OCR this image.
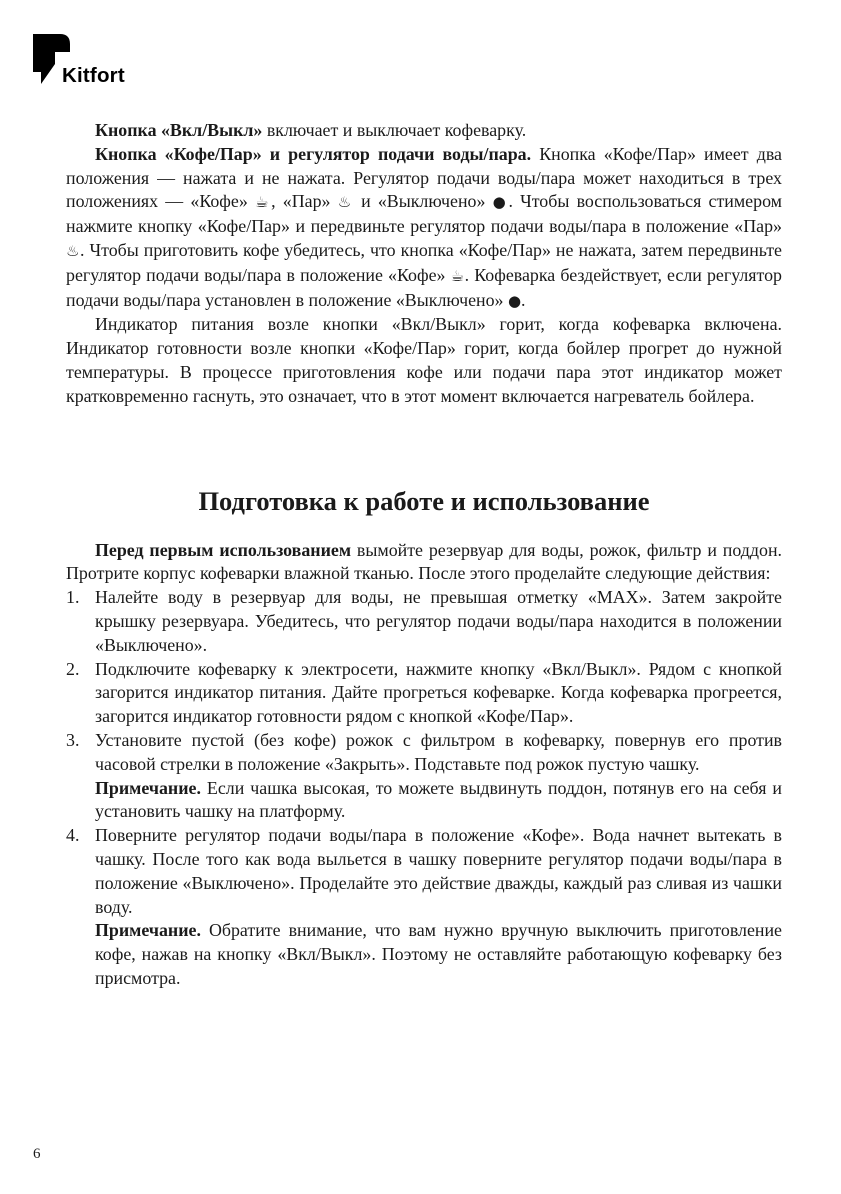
Kitfort

Кнопка «Вкл/Выкл» включает и выключает кофеварку.

Кнопка «Кофе/Пар» и регулятор подачи воды/пара. Кнопка «Кофе/Пар» имеет два положения — нажата и не нажата. Регулятор подачи воды/пара может находиться в трех положениях — «Кофе» ☕, «Пар» ♨ и «Выключено» ●. Чтобы воспользоваться стимером нажмите кнопку «Кофе/Пар» и передвиньте регулятор подачи воды/пара в положение «Пар» ♨. Чтобы приготовить кофе убедитесь, что кнопка «Кофе/Пар» не нажата, затем передвиньте регулятор подачи воды/пара в положение «Кофе» ☕. Кофеварка бездействует, если регулятор подачи воды/пара установлен в положение «Выключено» ●.

Индикатор питания возле кнопки «Вкл/Выкл» горит, когда кофеварка включена. Индикатор готовности возле кнопки «Кофе/Пар» горит, когда бойлер прогрет до нужной температуры. В процессе приготовления кофе или подачи пара этот индикатор может кратковременно гаснуть, это означает, что в этот момент включается нагреватель бойлера.

Подготовка к работе и использование

Перед первым использованием вымойте резервуар для воды, рожок, фильтр и поддон. Протрите корпус кофеварки влажной тканью. После этого проделайте следующие действия:

1. Налейте воду в резервуар для воды, не превышая отметку «MAX». Затем закройте крышку резервуара. Убедитесь, что регулятор подачи воды/пара находится в положении «Выключено».

2. Подключите кофеварку к электросети, нажмите кнопку «Вкл/Выкл». Рядом с кнопкой загорится индикатор питания. Дайте прогреться кофеварке. Когда кофеварка прогреется, загорится индикатор готовности рядом с кнопкой «Кофе/Пар».

3. Установите пустой (без кофе) рожок с фильтром в кофеварку, повернув его против часовой стрелки в положение «Закрыть». Подставьте под рожок пустую чашку.

Примечание. Если чашка высокая, то можете выдвинуть поддон, потянув его на себя и установить чашку на платформу.

4. Поверните регулятор подачи воды/пара в положение «Кофе». Вода начнет вытекать в чашку. После того как вода выльется в чашку поверните регулятор подачи воды/пара в положение «Выключено». Проделайте это действие дважды, каждый раз сливая из чашки воду.

Примечание. Обратите внимание, что вам нужно вручную выключить приготовление кофе, нажав на кнопку «Вкл/Выкл». Поэтому не оставляйте работающую кофеварку без присмотра.

6
